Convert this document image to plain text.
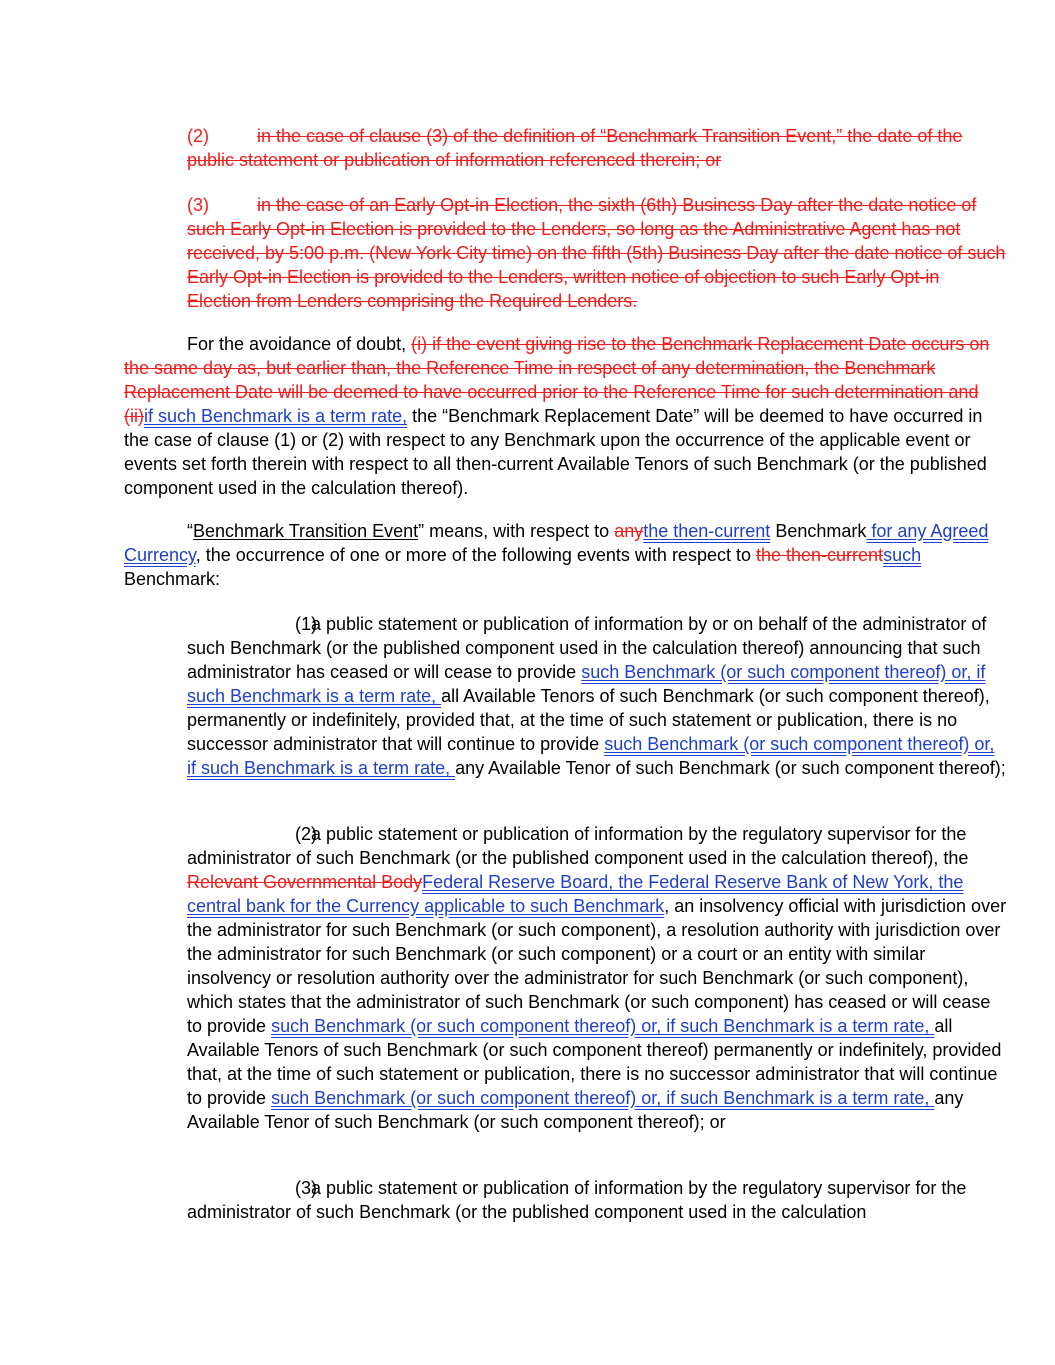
(2)	in the case of clause (3) of the definition of “Benchmark Transition Event,” the date of the public statement or publication of information referenced therein; or

(3)	in the case of an Early Opt-in Election, the sixth (6th) Business Day after the date notice of such Early Opt-in Election is provided to the Lenders, so long as the Administrative Agent has not received, by 5:00 p.m. (New York City time) on the fifth (5th) Business Day after the date notice of such Early Opt-in Election is provided to the Lenders, written notice of objection to such Early Opt-in Election from Lenders comprising the Required Lenders.

For the avoidance of doubt, (i) if the event giving rise to the Benchmark Replacement Date occurs on the same day as, but earlier than, the Reference Time in respect of any determination, the Benchmark Replacement Date will be deemed to have occurred prior to the Reference Time for such determination and (ii)if such Benchmark is a term rate, the “Benchmark Replacement Date” will be deemed to have occurred in the case of clause (1) or (2) with respect to any Benchmark upon the occurrence of the applicable event or events set forth therein with respect to all then-current Available Tenors of such Benchmark (or the published component used in the calculation thereof).

“Benchmark Transition Event” means, with respect to anythe then-current Benchmark for any Agreed Currency, the occurrence of one or more of the following events with respect to the then-currentsuch Benchmark:

(1)a public statement or publication of information by or on behalf of the administrator of such Benchmark (or the published component used in the calculation thereof) announcing that such administrator has ceased or will cease to provide such Benchmark (or such component thereof) or, if such Benchmark is a term rate, all Available Tenors of such Benchmark (or such component thereof), permanently or indefinitely, provided that, at the time of such statement or publication, there is no successor administrator that will continue to provide such Benchmark (or such component thereof) or, if such Benchmark is a term rate, any Available Tenor of such Benchmark (or such component thereof);

(2)a public statement or publication of information by the regulatory supervisor for the administrator of such Benchmark (or the published component used in the calculation thereof), the Relevant Governmental BodyFederal Reserve Board, the Federal Reserve Bank of New York, the central bank for the Currency applicable to such Benchmark, an insolvency official with jurisdiction over the administrator for such Benchmark (or such component), a resolution authority with jurisdiction over the administrator for such Benchmark (or such component) or a court or an entity with similar insolvency or resolution authority over the administrator for such Benchmark (or such component), which states that the administrator of such Benchmark (or such component) has ceased or will cease to provide such Benchmark (or such component thereof) or, if such Benchmark is a term rate, all Available Tenors of such Benchmark (or such component thereof) permanently or indefinitely, provided that, at the time of such statement or publication, there is no successor administrator that will continue to provide such Benchmark (or such component thereof) or, if such Benchmark is a term rate, any Available Tenor of such Benchmark (or such component thereof); or

(3)a public statement or publication of information by the regulatory supervisor for the administrator of such Benchmark (or the published component used in the calculation
